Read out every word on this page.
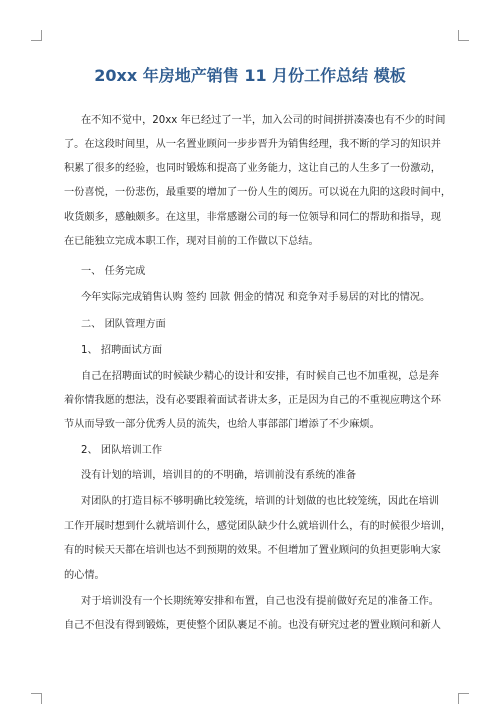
20xx 年房地产销售 11 月份工作总结 模板
在不知不觉中，20xx 年已经过了一半，加入公司的时间拼拼凑凑也有不少的时间
了。在这段时间里，从一名置业顾问一步步晋升为销售经理，我不断的学习的知识并
积累了很多的经验，也同时锻炼和提高了业务能力，这让自己的人生多了一份激动，
一份喜悦，一份悲伤，最重要的增加了一份人生的阅历。可以说在九阳的这段时间中，
收货颇多，感触颇多。在这里，非常感谢公司的每一位领导和同仁的帮助和指导，现
在已能独立完成本职工作，现对目前的工作做以下总结。
一、 任务完成
今年实际完成销售认购 签约 回款 佣金的情况 和竞争对手易居的对比的情况。
二、 团队管理方面
1、 招聘面试方面
自己在招聘面试的时候缺少精心的设计和安排，有时候自己也不加重视，总是奔
着你情我愿的想法，没有必要跟着面试者讲太多，正是因为自己的不重视应聘这个环
节从而导致一部分优秀人员的流失，也给人事部部门增添了不少麻烦。
2、 团队培训工作
没有计划的培训，培训目的的不明确，培训前没有系统的准备
对团队的打造目标不够明确比较笼统，培训的计划做的也比较笼统，因此在培训
工作开展时想到什么就培训什么，感觉团队缺少什么就培训什么，有的时候很少培训，
有的时候天天都在培训也达不到预期的效果。不但增加了置业顾问的负担更影响大家
的心情。
对于培训没有一个长期统筹安排和布置，自己也没有提前做好充足的准备工作。
自己不但没有得到锻炼，更使整个团队裹足不前。也没有研究过老的置业顾问和新人
